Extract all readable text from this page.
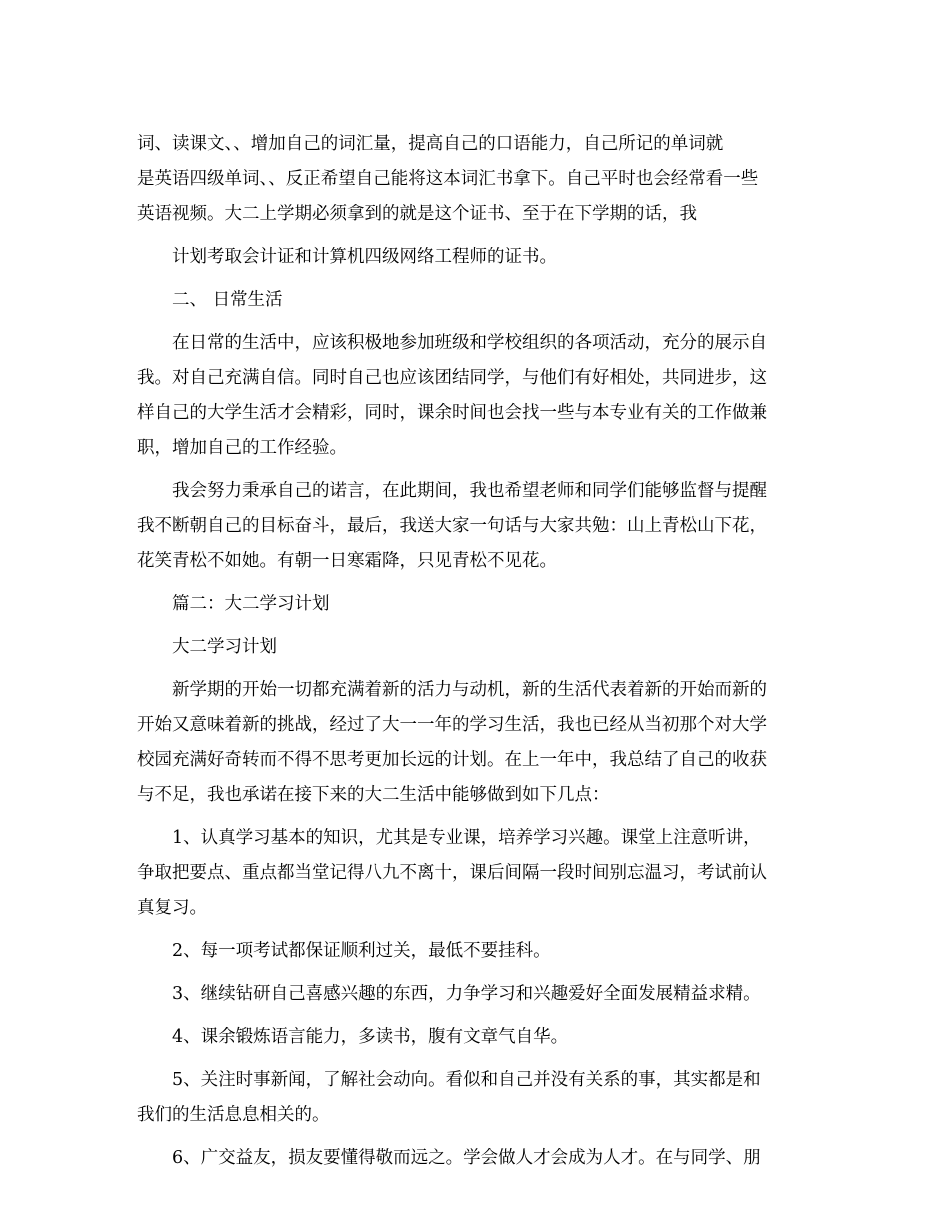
词、读课文、、增加自己的词汇量，提高自己的口语能力，自己所记的单词就
是英语四级单词、、反正希望自己能将这本词汇书拿下。自己平时也会经常看一些
英语视频。大二上学期必须拿到的就是这个证书、至于在下学期的话，我
计划考取会计证和计算机四级网络工程师的证书。
二、 日常生活
在日常的生活中，应该积极地参加班级和学校组织的各项活动，充分的展示自
我。对自己充满自信。同时自己也应该团结同学，与他们有好相处，共同进步，这
样自己的大学生活才会精彩，同时，课余时间也会找一些与本专业有关的工作做兼
职，增加自己的工作经验。
我会努力秉承自己的诺言，在此期间，我也希望老师和同学们能够监督与提醒
我不断朝自己的目标奋斗，最后，我送大家一句话与大家共勉：山上青松山下花，
花笑青松不如她。有朝一日寒霜降，只见青松不见花。
篇二：大二学习计划
大二学习计划
新学期的开始一切都充满着新的活力与动机，新的生活代表着新的开始而新的
开始又意味着新的挑战，经过了大一一年的学习生活，我也已经从当初那个对大学
校园充满好奇转而不得不思考更加长远的计划。在上一年中，我总结了自己的收获
与不足，我也承诺在接下来的大二生活中能够做到如下几点：
1、认真学习基本的知识，尤其是专业课，培养学习兴趣。课堂上注意听讲，
争取把要点、重点都当堂记得八九不离十，课后间隔一段时间别忘温习，考试前认
真复习。
2、每一项考试都保证顺利过关，最低不要挂科。
3、继续钻研自己喜感兴趣的东西，力争学习和兴趣爱好全面发展精益求精。
4、课余锻炼语言能力，多读书，腹有文章气自华。
5、关注时事新闻，了解社会动向。看似和自己并没有关系的事，其实都是和
我们的生活息息相关的。
6、广交益友，损友要懂得敬而远之。学会做人才会成为人才。在与同学、朋
